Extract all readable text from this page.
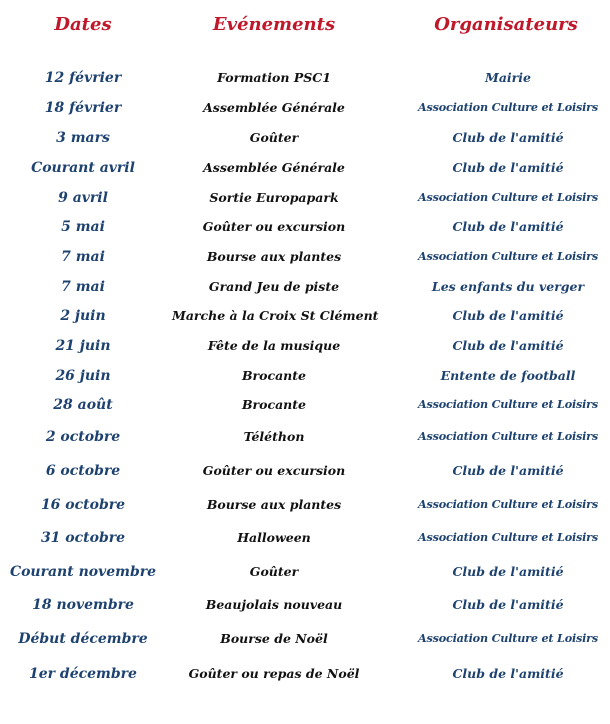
Dates	Evénements	Organisateurs
12 février	Formation PSC1	Mairie
18 février	Assemblée Générale	Association Culture et Loisirs
3 mars	Goûter	Club de l'amitié
Courant avril	Assemblée Générale	Club de l'amitié
9 avril	Sortie Europapark	Association Culture et Loisirs
5 mai	Goûter ou excursion	Club de l'amitié
7 mai	Bourse aux plantes	Association Culture et Loisirs
7 mai	Grand Jeu de piste	Les enfants du verger
2 juin	Marche à la Croix St Clément	Club de l'amitié
21 juin	Fête de la musique	Club de l'amitié
26 juin	Brocante	Entente de football
28 août	Brocante	Association Culture et Loisirs
2 octobre	Téléthon	Association Culture et Loisirs
6 octobre	Goûter ou excursion	Club de l'amitié
16 octobre	Bourse aux plantes	Association Culture et Loisirs
31 octobre	Halloween	Association Culture et Loisirs
Courant novembre	Goûter	Club de l'amitié
18 novembre	Beaujolais nouveau	Club de l'amitié
Début décembre	Bourse de Noël	Association Culture et Loisirs
1er décembre	Goûter ou repas de Noël	Club de l'amitié
